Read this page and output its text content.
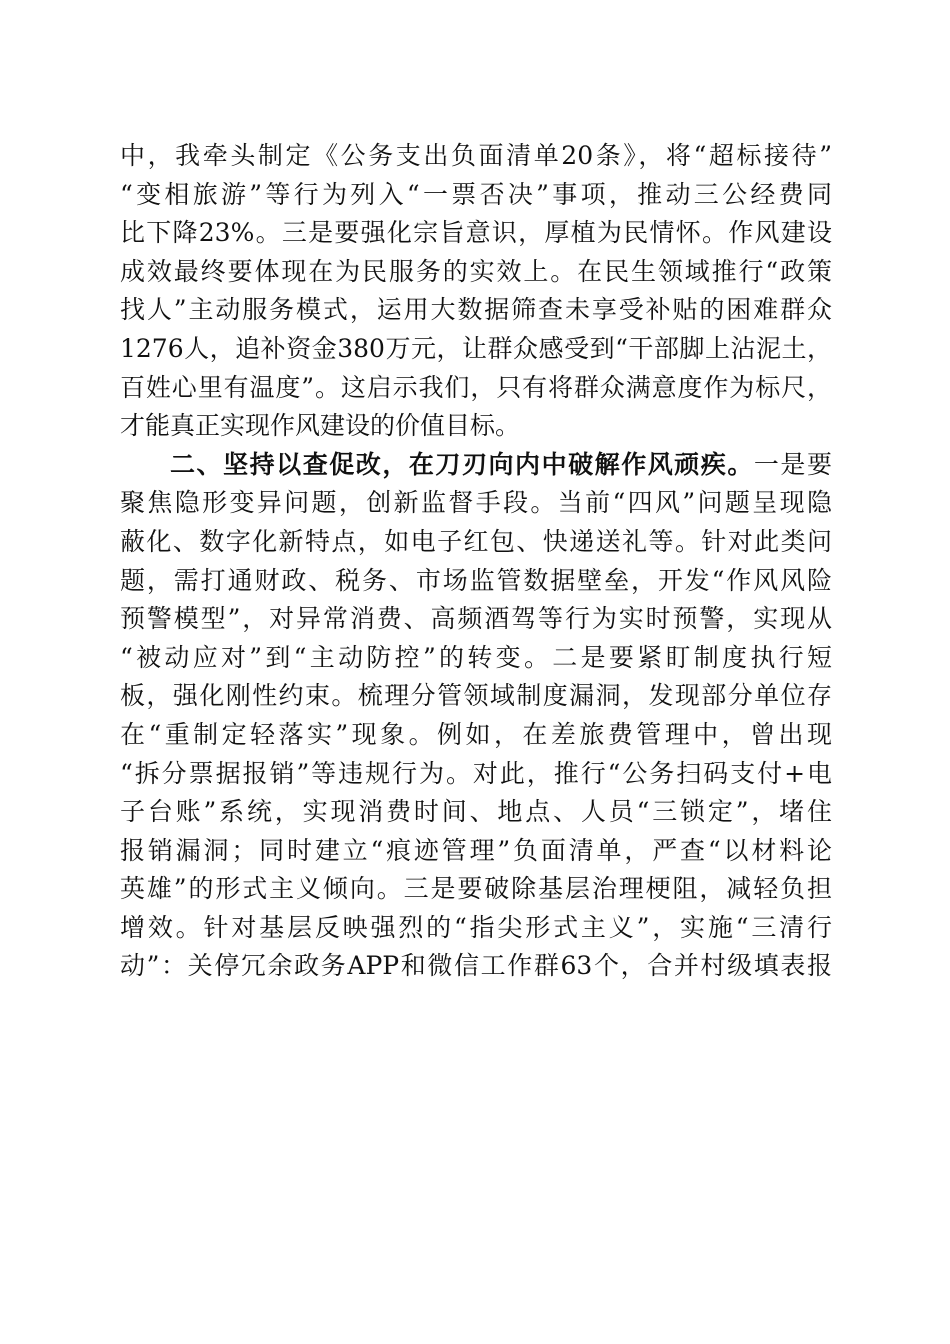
中，我牵头制定《公务支出负面清单20条》，将“超标接待”
“变相旅游”等行为列入“一票否决”事项，推动三公经费同
比下降23%。三是要强化宗旨意识，厚植为民情怀。作风建设
成效最终要体现在为民服务的实效上。在民生领域推行“政策
找人”主动服务模式，运用大数据筛查未享受补贴的困难群众
1276人，追补资金380万元，让群众感受到“干部脚上沾泥土，
百姓心里有温度”。这启示我们，只有将群众满意度作为标尺，
才能真正实现作风建设的价值目标。
二、坚持以查促改，在刀刃向内中破解作风顽疾。一是要
聚焦隐形变异问题，创新监督手段。当前“四风”问题呈现隐
蔽化、数字化新特点，如电子红包、快递送礼等。针对此类问
题，需打通财政、税务、市场监管数据壁垒，开发“作风风险
预警模型”，对异常消费、高频酒驾等行为实时预警，实现从
“被动应对”到“主动防控”的转变。二是要紧盯制度执行短
板，强化刚性约束。梳理分管领域制度漏洞，发现部分单位存
在“重制定轻落实”现象。例如，在差旅费管理中，曾出现
“拆分票据报销”等违规行为。对此，推行“公务扫码支付+电
子台账”系统，实现消费时间、地点、人员“三锁定”，堵住
报销漏洞；同时建立“痕迹管理”负面清单，严查“以材料论
英雄”的形式主义倾向。三是要破除基层治理梗阻，减轻负担
增效。针对基层反映强烈的“指尖形式主义”，实施“三清行
动”：关停冗余政务APP和微信工作群63个，合并村级填表报
